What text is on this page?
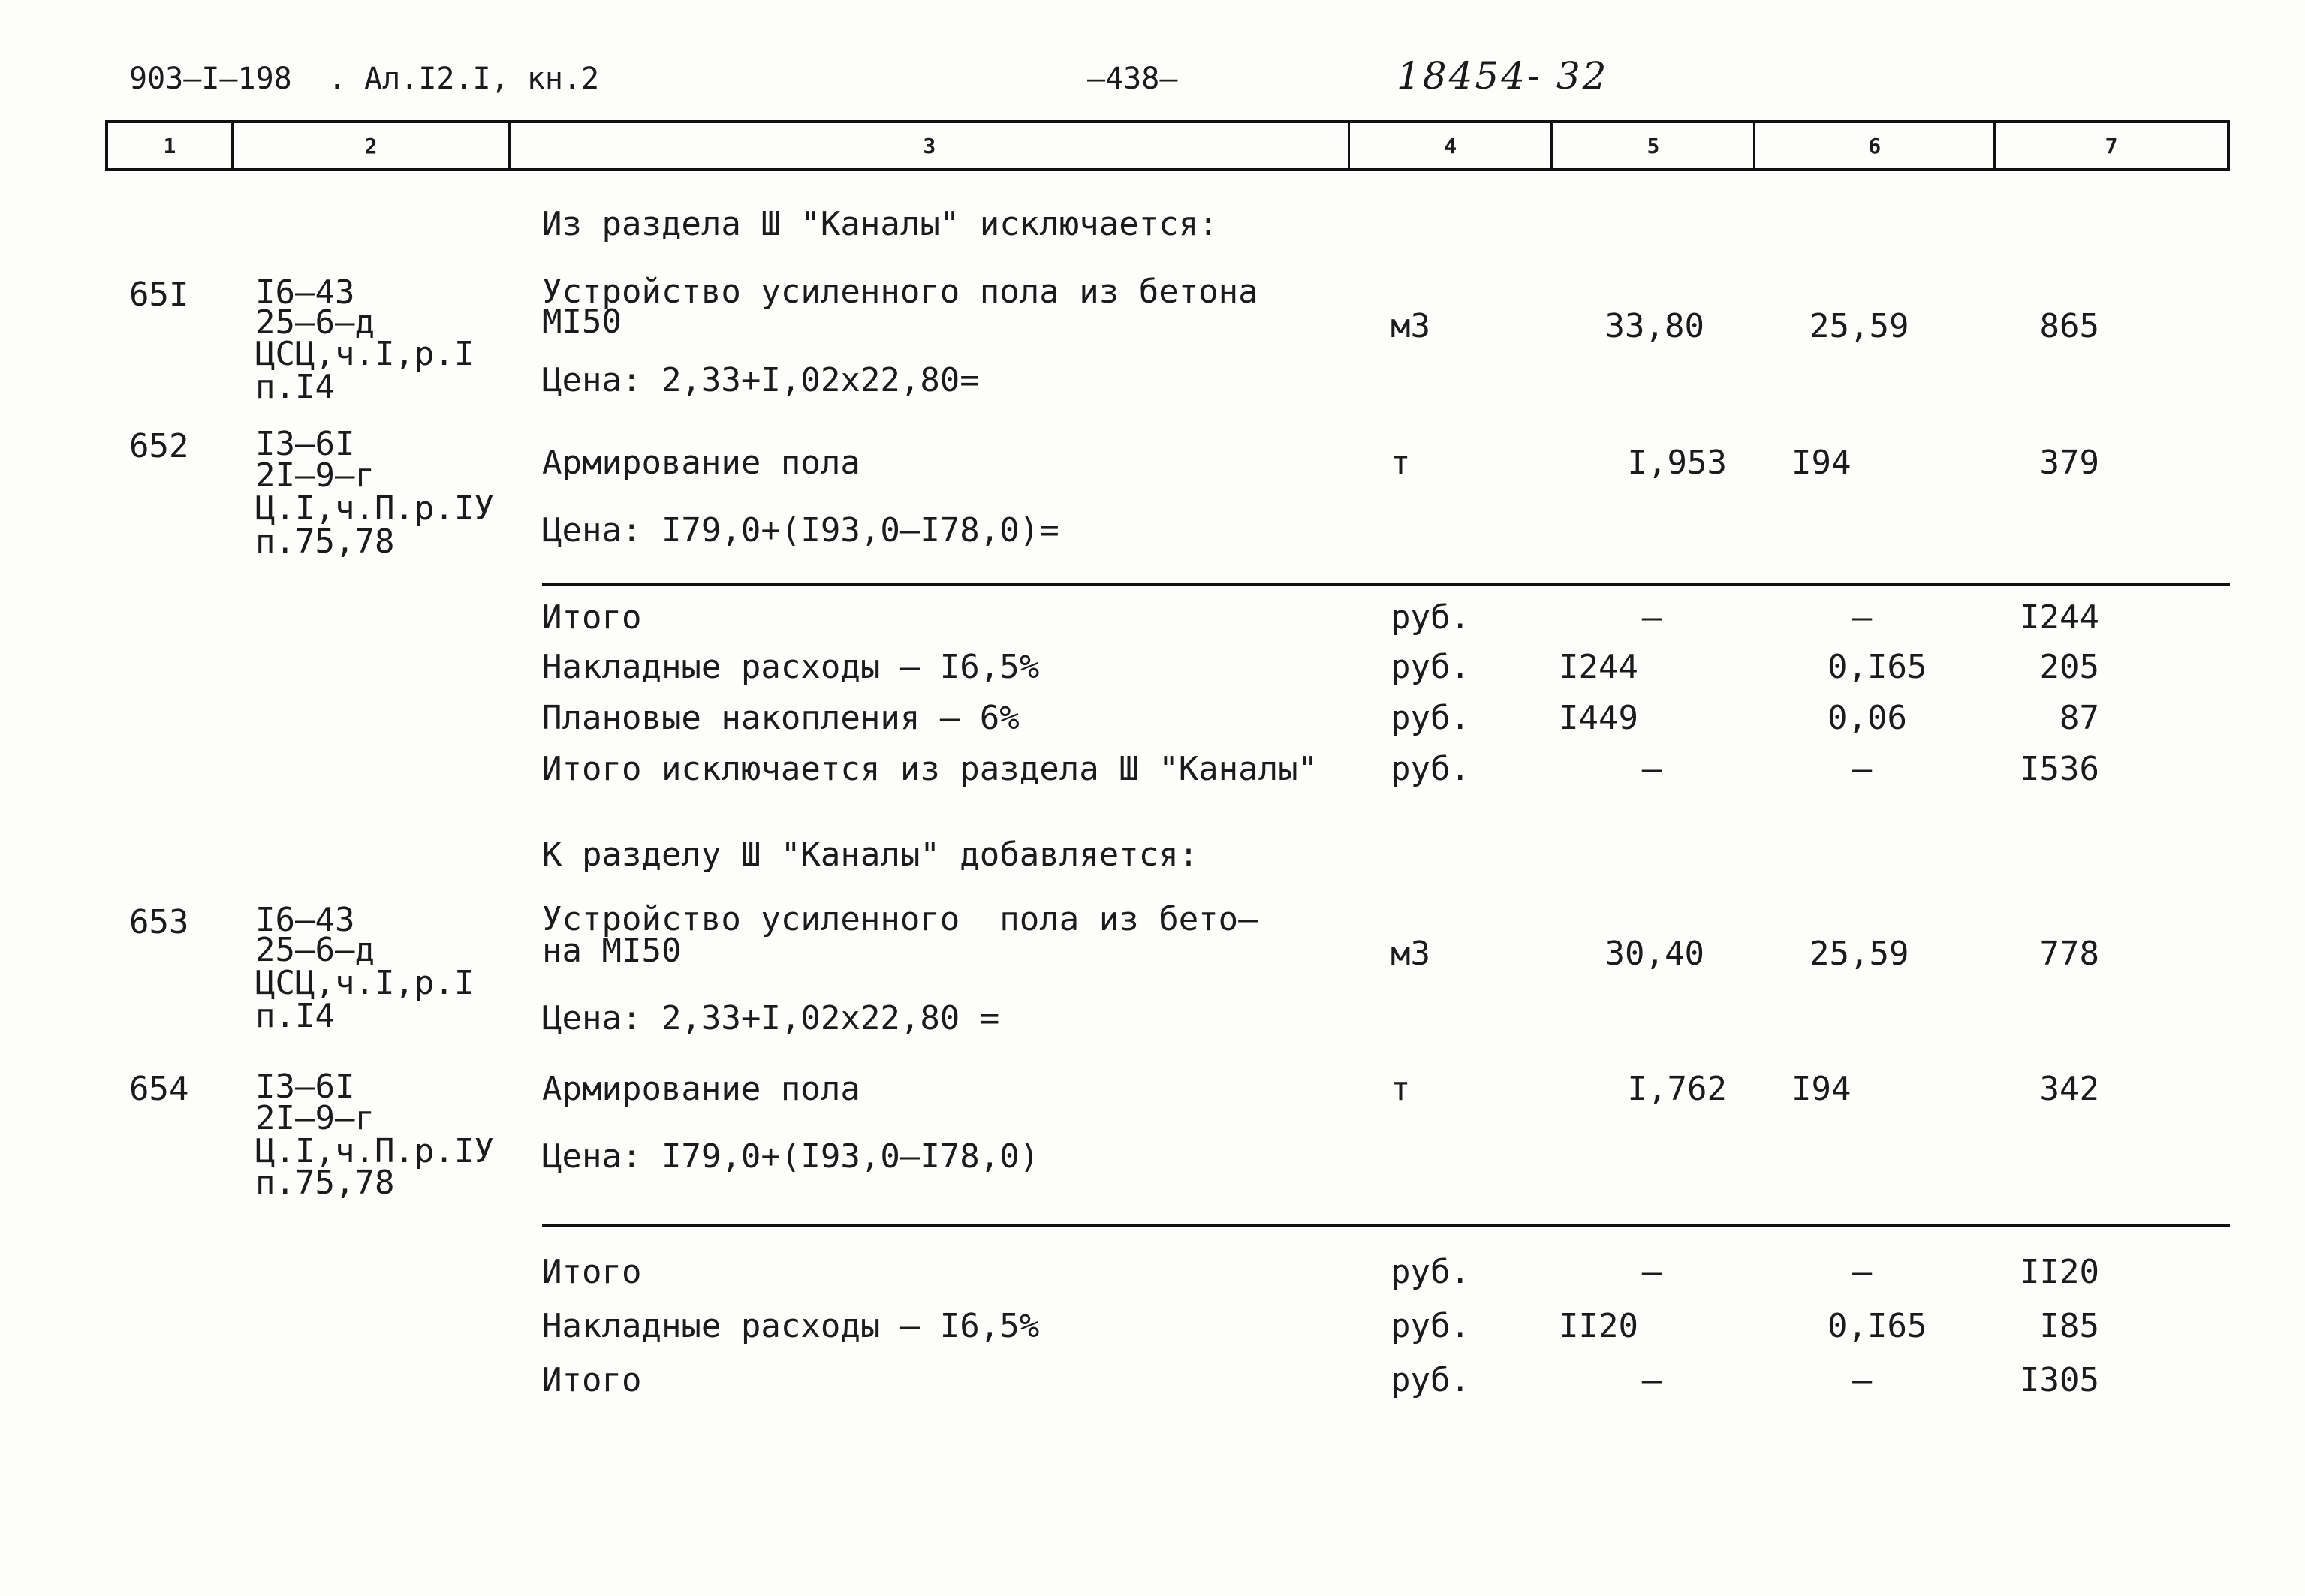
903–I–198  . Ал.I2.I, кн.2	—438—	18454- 32
1	2	3	4	5	6	7
Из раздела Ш "Каналы" исключается:
65I I6–43
25–6–д
ЦСЦ,ч.I,р.I
п.I4
Устройство усиленного пола из бетона
МI50
Цена: 2,33+I,02x22,80=
м3	33,80	25,59	865
652 I3–6I
2I–9–г
Ц.I,ч.П.р.IУ
п.75,78
Армирование пола
Цена: I79,0+(I93,0–I78,0)=
т	I,953 I94	379
Итого	руб.	–	–	I244
Накладные расходы – I6,5%	руб.	I244	0,I65	205
Плановые накопления – 6%	руб.	I449	0,06	87
Итого исключается из раздела Ш "Каналы" руб.	–	–	I536
К разделу Ш "Каналы" добавляется:
653 I6–43
25–6–д
ЦСЦ,ч.I,р.I
п.I4
Устройство усиленного  пола из бето–
на МI50
Цена: 2,33+I,02x22,80 =
м3	30,40	25,59	778
654 I3–6I
2I–9–г
Ц.I,ч.П.р.IУ
п.75,78
Армирование пола
Цена: I79,0+(I93,0–I78,0)
т	I,762 I94	342
Итого	руб.	–	–	II20
Накладные расходы – I6,5%	руб.	II20	0,I65	I85
Итого	руб.	–	–	I305
